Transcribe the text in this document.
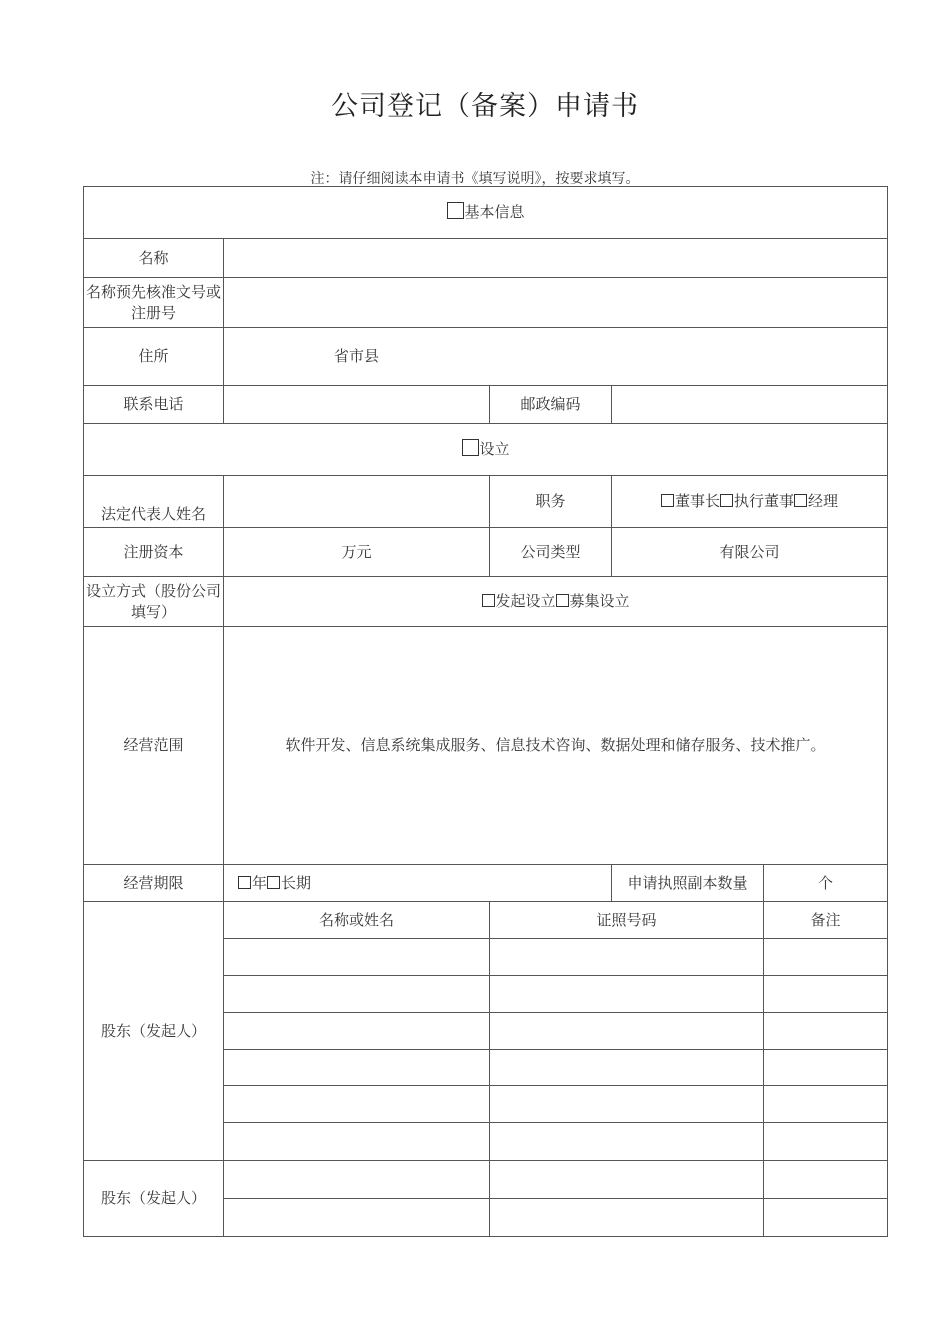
公司登记（备案）申请书
注：请仔细阅读本申请书《填写说明》，按要求填写。
基本信息				
名称				
名称预先核准文号或注册号				
住所	省市县			
联系电话		邮政编码		
设立				
法定代表人姓名		职务	董事长 执行董事 经理	
注册资本	万元	公司类型	有限公司	
设立方式（股份公司填写）	发起设立 募集设立			
经营范围	软件开发、信息系统集成服务、信息技术咨询、数据处理和储存服务、技术推广。			
经营期限	年 长期		申请执照副本数量	个
股东（发起人）	名称或姓名	证照号码		备注

股东（发起人）				
